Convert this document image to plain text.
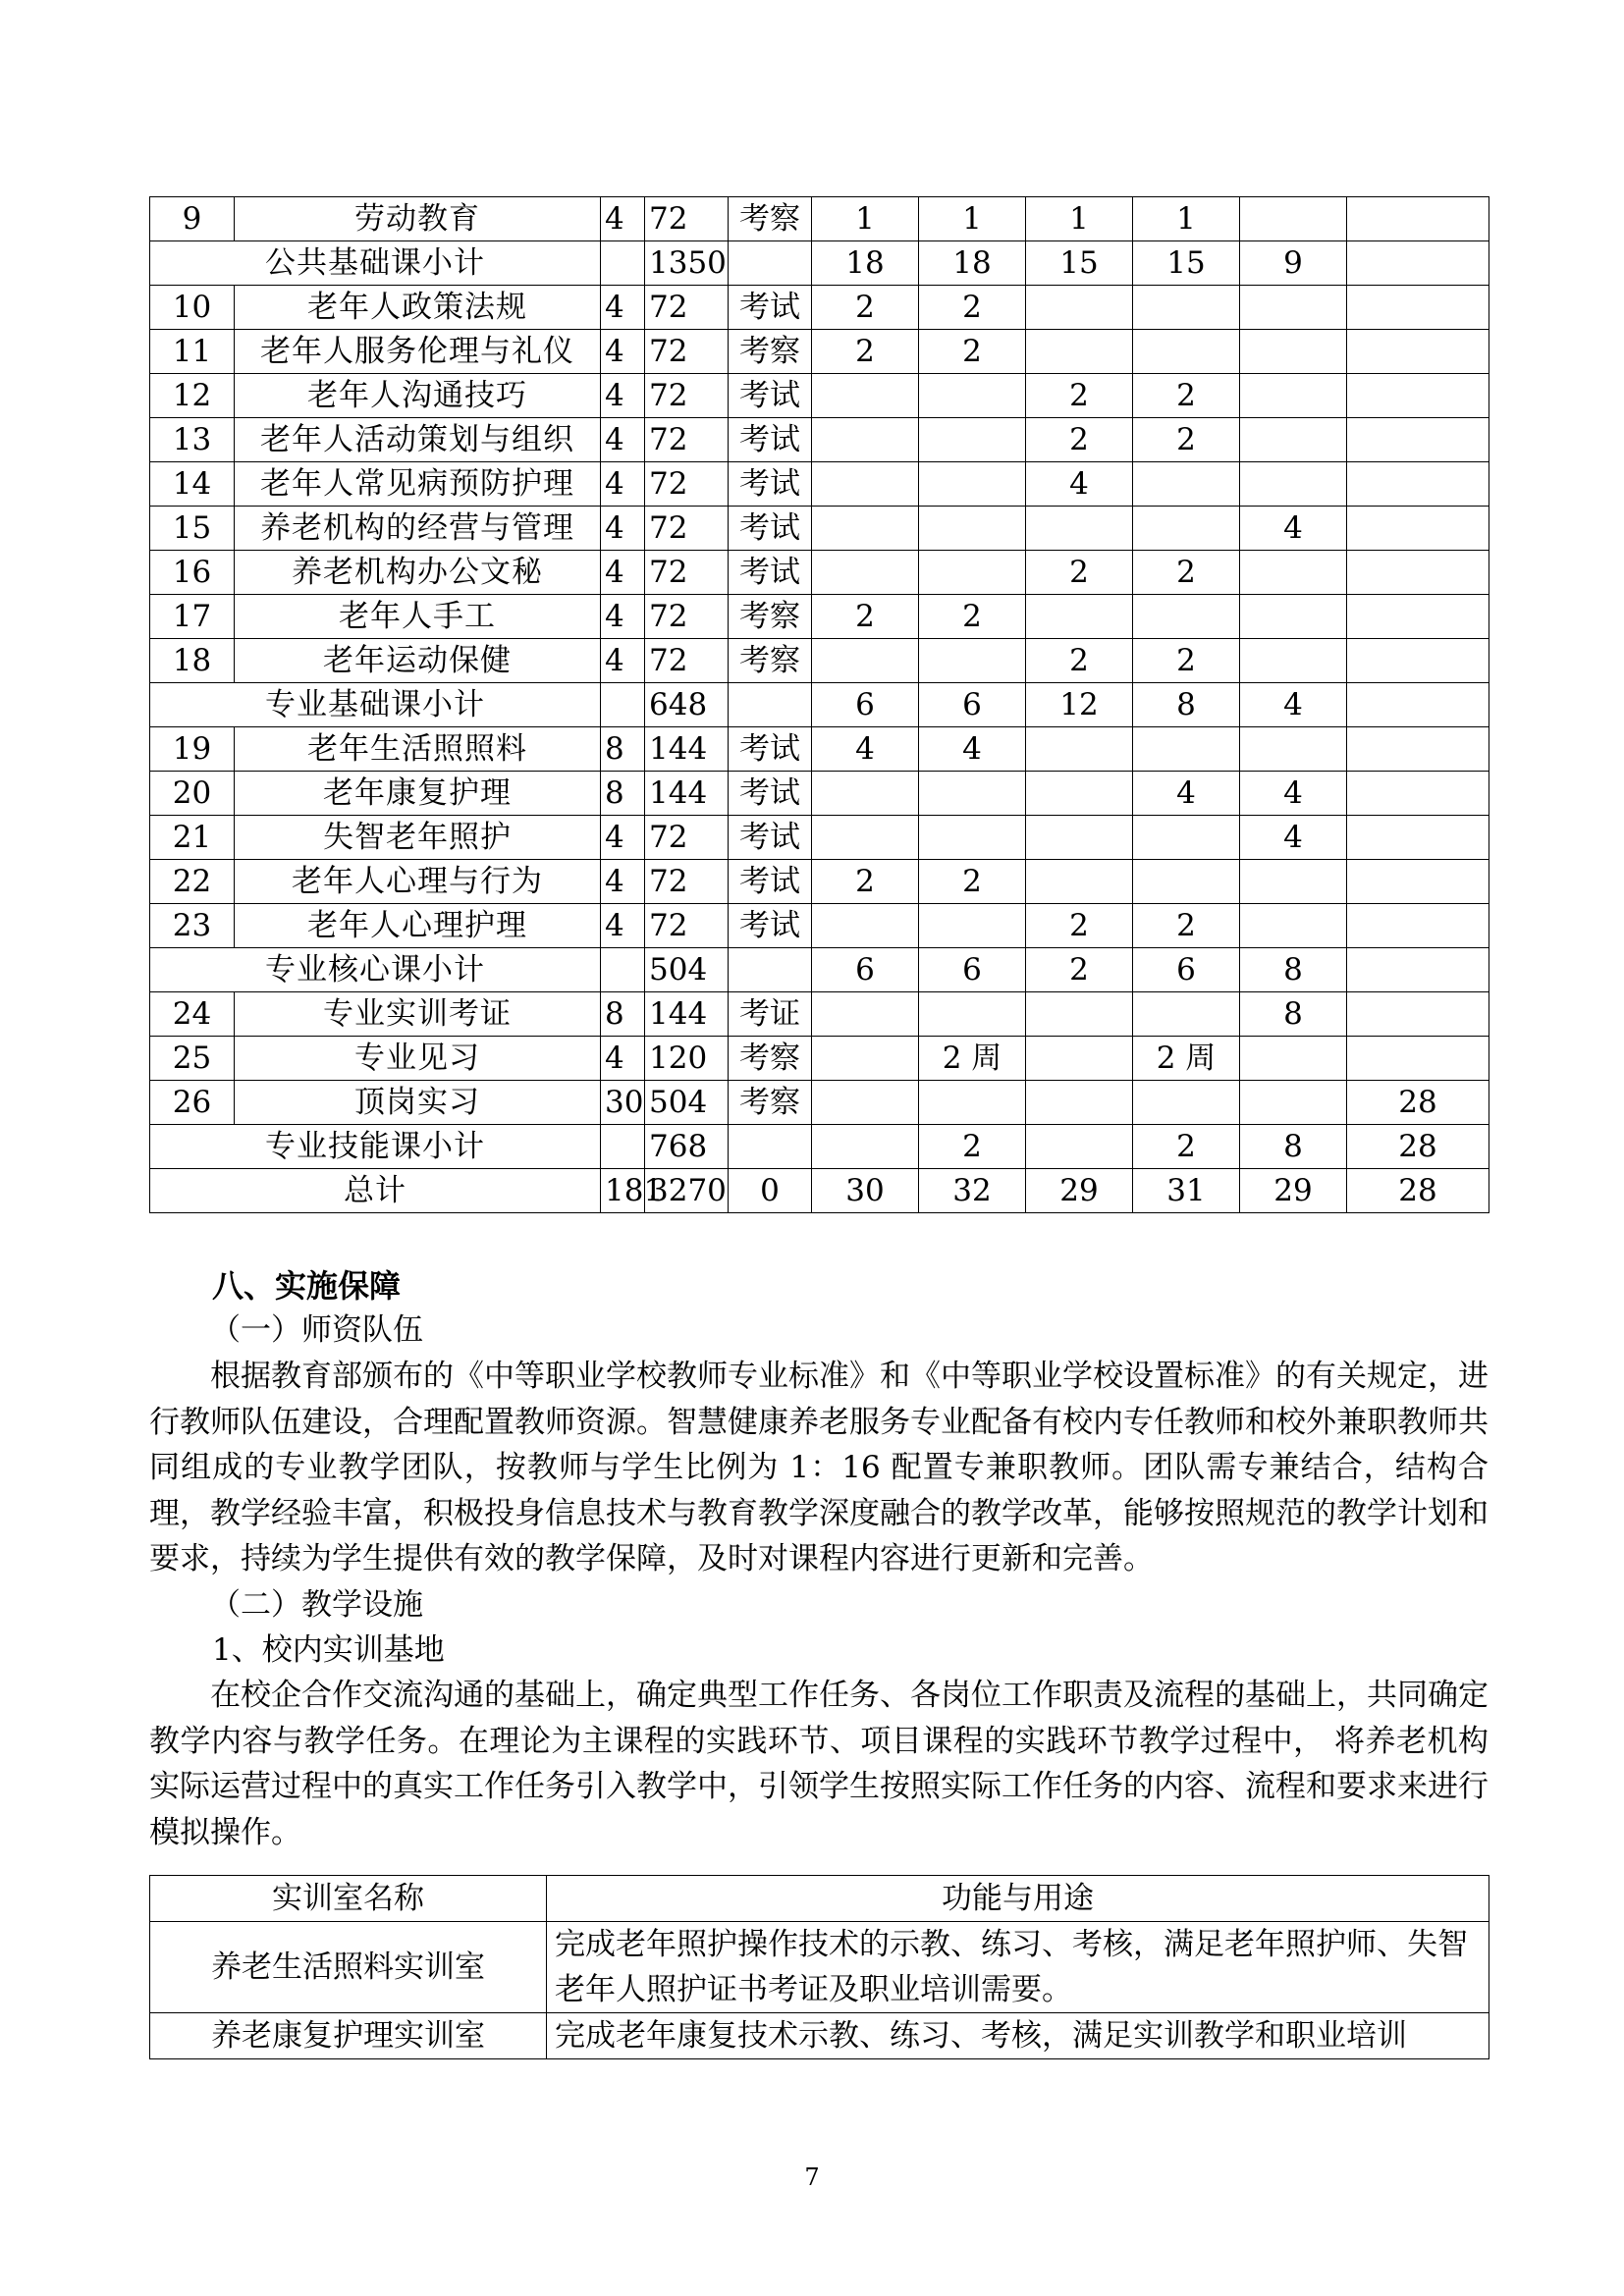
9	劳动教育	4	72	考察	1	1	1	1		
公共基础课小计			1350		18	18	15	15	9	
10	老年人政策法规	4	72	考试	2	2				
11	老年人服务伦理与礼仪	4	72	考察	2	2				
12	老年人沟通技巧	4	72	考试			2	2		
13	老年人活动策划与组织	4	72	考试			2	2		
14	老年人常见病预防护理	4	72	考试			4			
15	养老机构的经营与管理	4	72	考试					4	
16	养老机构办公文秘	4	72	考试			2	2		
17	老年人手工	4	72	考察	2	2				
18	老年运动保健	4	72	考察			2	2		
专业基础课小计			648		6	6	12	8	4	
19	老年生活照照料	8	144	考试	4	4				
20	老年康复护理	8	144	考试				4	4	
21	失智老年照护	4	72	考试					4	
22	老年人心理与行为	4	72	考试	2	2				
23	老年人心理护理	4	72	考试			2	2		
专业核心课小计			504		6	6	2	6	8	
24	专业实训考证	8	144	考证					8	
25	专业见习	4	120	考察		2 周		2 周		
26	顶岗实习	30	504	考察						28
专业技能课小计			768			2		2	8	28
总计		181	3270	0	30	32	29	31	29	28
八、实施保障
（一）师资队伍

根据教育部颁布的《中等职业学校教师专业标准》和《中等职业学校设置标准》的有关规定，进行教师队伍建设，合理配置教师资源。智慧健康养老服务专业配备有校内专任教师和校外兼职教师共同组成的专业教学团队，按教师与学生比例为 1：16 配置专兼职教师。团队需专兼结合，结构合理，教学经验丰富，积极投身信息技术与教育教学深度融合的教学改革，能够按照规范的教学计划和要求，持续为学生提供有效的教学保障，及时对课程内容进行更新和完善。

（二）教学设施
1、校内实训基地

在校企合作交流沟通的基础上，确定典型工作任务、各岗位工作职责及流程的基础上，共同确定教学内容与教学任务。在理论为主课程的实践环节、项目课程的实践环节教学过程中， 将养老机构实际运营过程中的真实工作任务引入教学中，引领学生按照实际工作任务的内容、流程和要求来进行模拟操作。

实训室名称	功能与用途
养老生活照料实训室	完成老年照护操作技术的示教、练习、考核，满足老年照护师、失智老年人照护证书考证及职业培训需要。
养老康复护理实训室	完成老年康复技术示教、练习、考核，满足实训教学和职业培训
7
